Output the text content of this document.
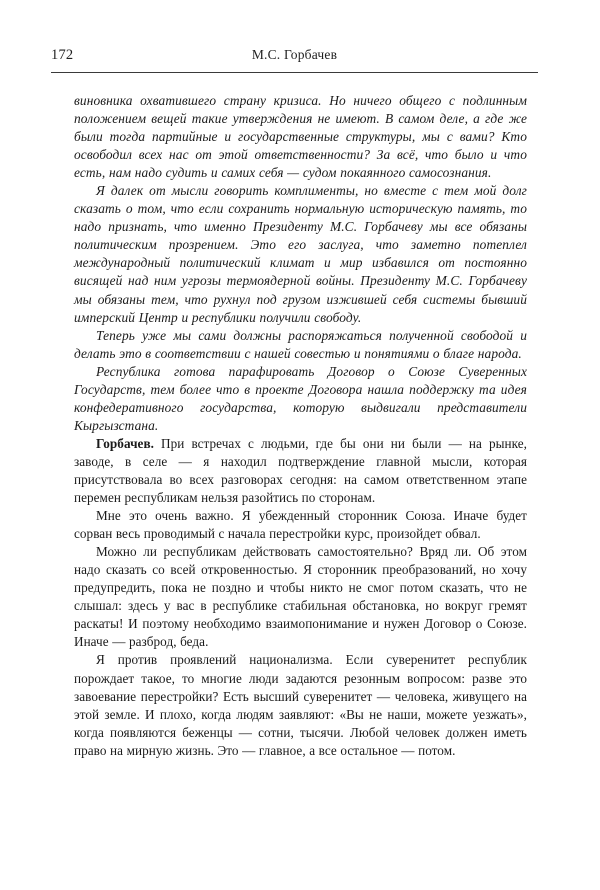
172	М.С. Горбачев

виновника охватившего страну кризиса. Но ничего общего с подлинным положением вещей такие утверждения не имеют. В самом деле, а где же были тогда партийные и государственные структуры, мы с вами? Кто освободил всех нас от этой ответственности? За всё, что было и что есть, нам надо судить и самих себя — судом покаянного самосознания.

Я далек от мысли говорить комплименты, но вместе с тем мой долг сказать о том, что если сохранить нормальную историческую память, то надо признать, что именно Президенту М.С. Горбачеву мы все обязаны политическим прозрением. Это его заслуга, что заметно потеплел международный политический климат и мир избавился от постоянно висящей над ним угрозы термоядерной войны. Президенту М.С. Горбачеву мы обязаны тем, что рухнул под грузом изжившей себя системы бывший имперский Центр и республики получили свободу.

Теперь уже мы сами должны распоряжаться полученной свободой и делать это в соответствии с нашей совестью и понятиями о благе народа.

Республика готова парафировать Договор о Союзе Суверенных Государств, тем более что в проекте Договора нашла поддержку та идея конфедеративного государства, которую выдвигали представители Кыргызстана.

Горбачев. При встречах с людьми, где бы они ни были — на рынке, заводе, в селе — я находил подтверждение главной мысли, которая присутствовала во всех разговорах сегодня: на самом ответственном этапе перемен республикам нельзя разойтись по сторонам.

Мне это очень важно. Я убежденный сторонник Союза. Иначе будет сорван весь проводимый с начала перестройки курс, произойдет обвал.

Можно ли республикам действовать самостоятельно? Вряд ли. Об этом надо сказать со всей откровенностью. Я сторонник преобразований, но хочу предупредить, пока не поздно и чтобы никто не смог потом сказать, что не слышал: здесь у вас в республике стабильная обстановка, но вокруг гремят раскаты! И поэтому необходимо взаимопонимание и нужен Договор о Союзе. Иначе — разброд, беда.

Я против проявлений национализма. Если суверенитет республик порождает такое, то многие люди задаются резонным вопросом: разве это завоевание перестройки? Есть высший суверенитет — человека, живущего на этой земле. И плохо, когда людям заявляют: «Вы не наши, можете уезжать», когда появляются беженцы — сотни, тысячи. Любой человек должен иметь право на мирную жизнь. Это — главное, а все остальное — потом.
